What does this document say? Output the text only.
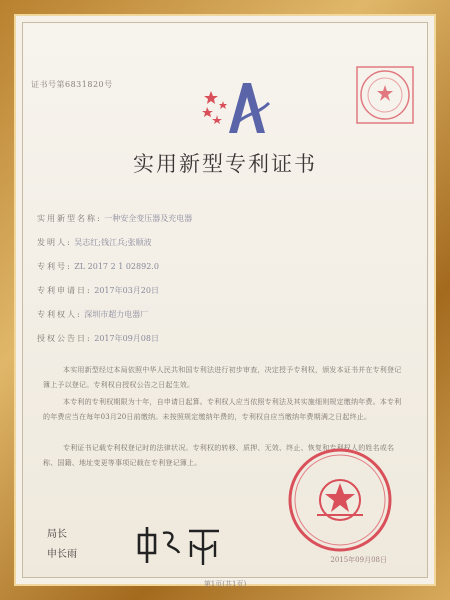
证书号第6831820号
实用新型专利证书
实用新型名称: 一种安全变压器及充电器
发明人: 吴志红;钱江兵;张顺波
专利号: ZL 2017 2 1 02892.0
专利申请日: 2017年03月20日
专利权人: 深圳市超力电器厂
授权公告日: 2017年09月08日
本实用新型经过本局依照中华人民共和国专利法进行初步审查，决定授予专利权，颁发本证书并在专利登记簿上予以登记。专利权自授权公告之日起生效。
本专利的专利权期限为十年，自申请日起算。专利权人应当依照专利法及其实施细则规定缴纳年费。本专利的年费应当在每年03月20日前缴纳。未按照规定缴纳年费的，专利权自应当缴纳年费期满之日起终止。
专利证书记载专利权登记时的法律状况。专利权的转移、质押、无效、终止、恢复和专利权人的姓名或名称、国籍、地址变更等事项记载在专利登记簿上。
局长
申长雨	2015年09月08日
第1页(共1页)
